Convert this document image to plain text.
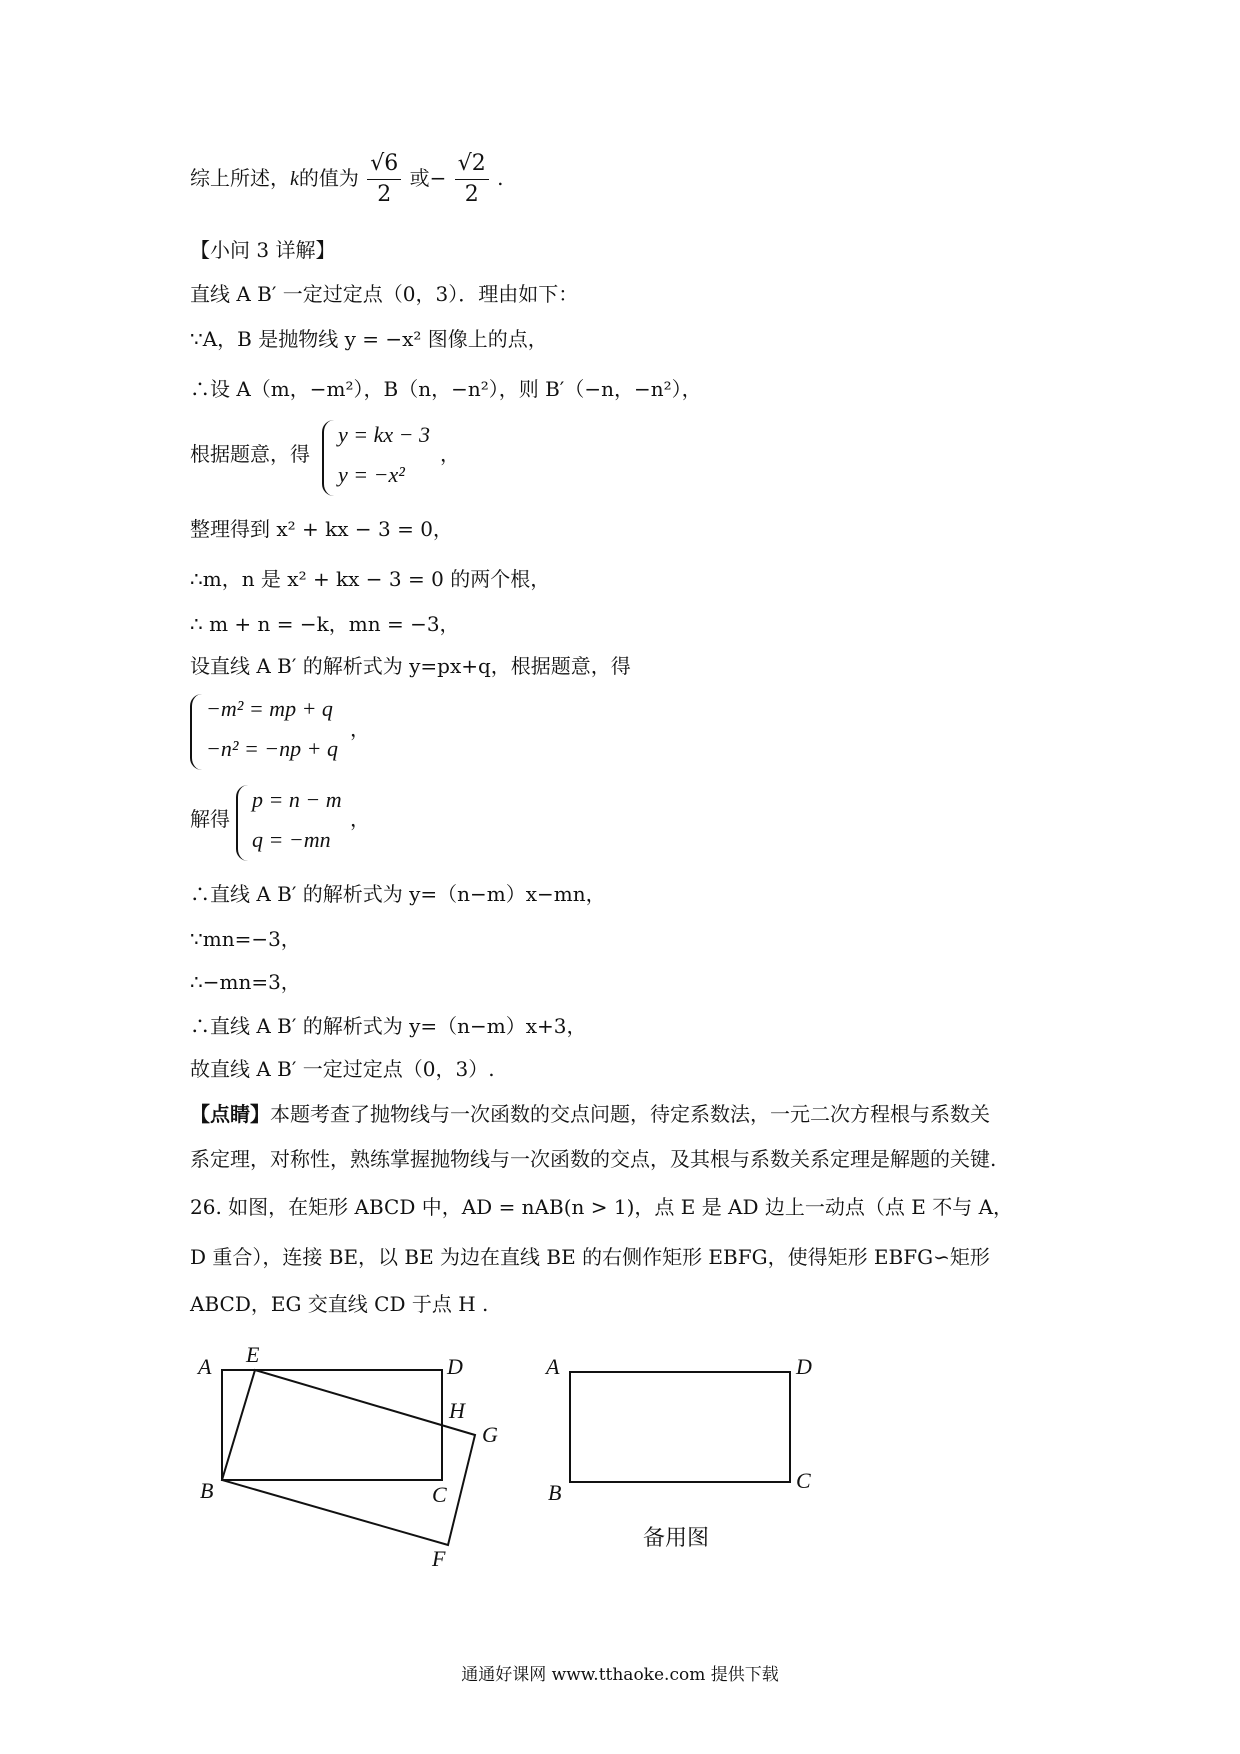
综上所述，k的值为 $\frac{√6}{2}$ 或− $\frac{√2}{2}$ .
【小问 3 详解】
直线 A B′ 一定过定点（0，3）．理由如下：
∵A，B 是抛物线 y = −x² 图像上的点，
∴设 A（m，−m²），B（n，−n²），则 B′（−n，−n²），
根据题意，得
y = kx − 3
y = −x²
，
整理得到 x² + kx − 3 = 0，
∴m，n 是 x² + kx − 3 = 0 的两个根，
∴ m + n = −k，mn = −3，
设直线 A B′ 的解析式为 y=px+q，根据题意，得
−m² = mp + q
−n² = −np + q
，
解得
p = n − m
q = −mn
，
∴直线 A B′ 的解析式为 y=（n−m）x−mn，
∵mn=−3，
∴−mn=3，
∴直线 A B′ 的解析式为 y=（n−m）x+3，
故直线 A B′ 一定过定点（0，3）.
【点睛】本题考查了抛物线与一次函数的交点问题，待定系数法，一元二次方程根与系数关
系定理，对称性，熟练掌握抛物线与一次函数的交点，及其根与系数关系定理是解题的关键.
26. 如图，在矩形 ABCD 中，AD = nAB(n > 1)，点 E 是 AD 边上一动点（点 E 不与 A，
D 重合），连接 BE，以 BE 为边在直线 BE 的右侧作矩形 EBFG，使得矩形 EBFG∽矩形
ABCD，EG 交直线 CD 于点 H .
A E	D
H
G
B	C
F
A	D
B	C
备用图
通通好课网 www.tthaoke.com 提供下载
